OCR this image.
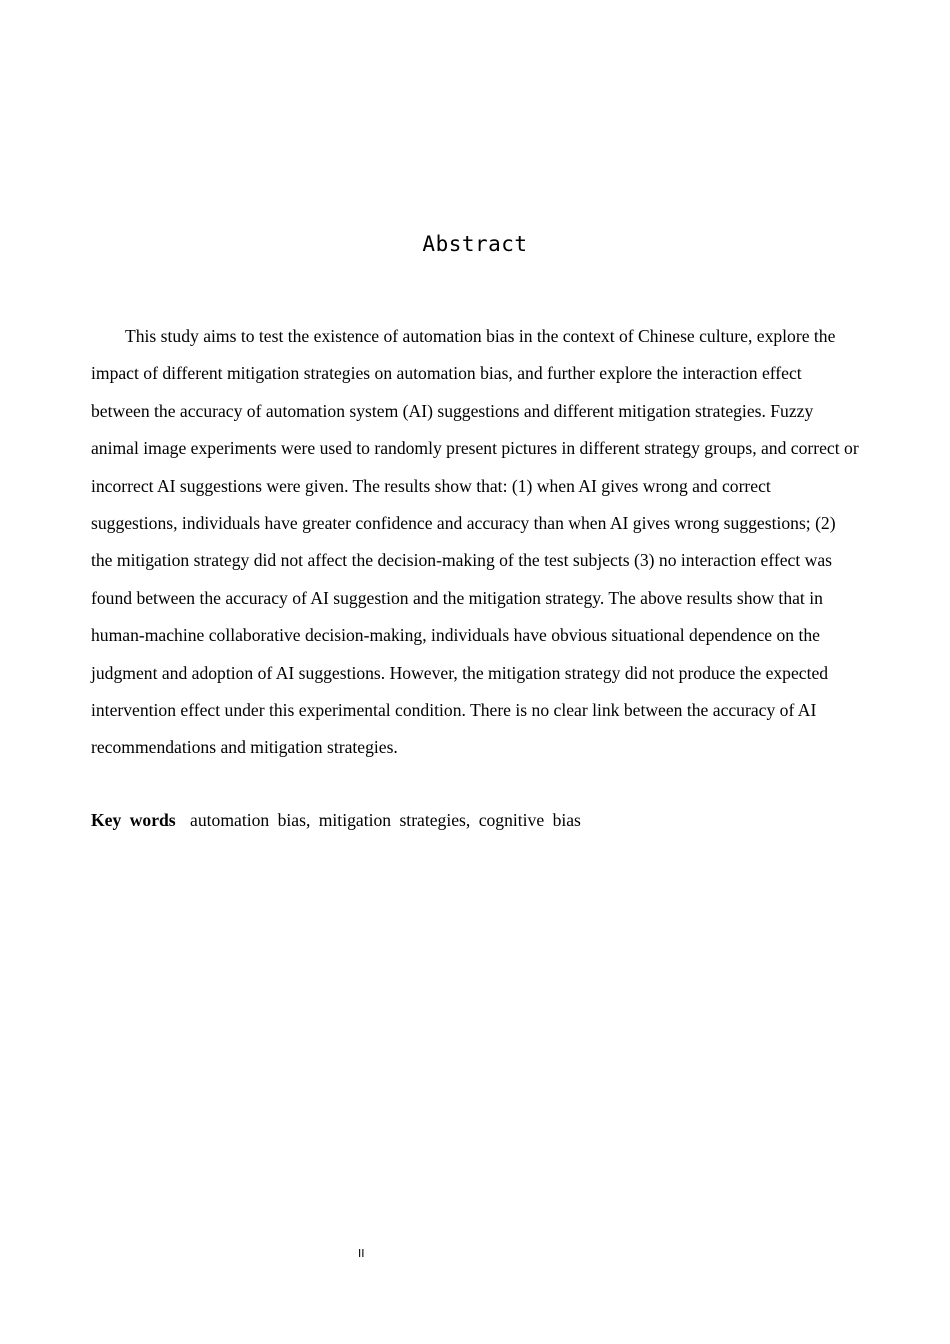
Abstract

This study aims to test the existence of automation bias in the context of Chinese culture, explore the impact of different mitigation strategies on automation bias, and further explore the interaction effect between the accuracy of automation system (AI) suggestions and different mitigation strategies. Fuzzy animal image experiments were used to randomly present pictures in different strategy groups, and correct or incorrect AI suggestions were given. The results show that: (1) when AI gives wrong and correct suggestions, individuals have greater confidence and accuracy than when AI gives wrong suggestions; (2) the mitigation strategy did not affect the decision-making of the test subjects (3) no interaction effect was found between the accuracy of AI suggestion and the mitigation strategy. The above results show that in human-machine collaborative decision-making, individuals have obvious situational dependence on the judgment and adoption of AI suggestions. However, the mitigation strategy did not produce the expected intervention effect under this experimental condition. There is no clear link between the accuracy of AI recommendations and mitigation strategies.

Key words automation bias, mitigation strategies, cognitive bias
II
